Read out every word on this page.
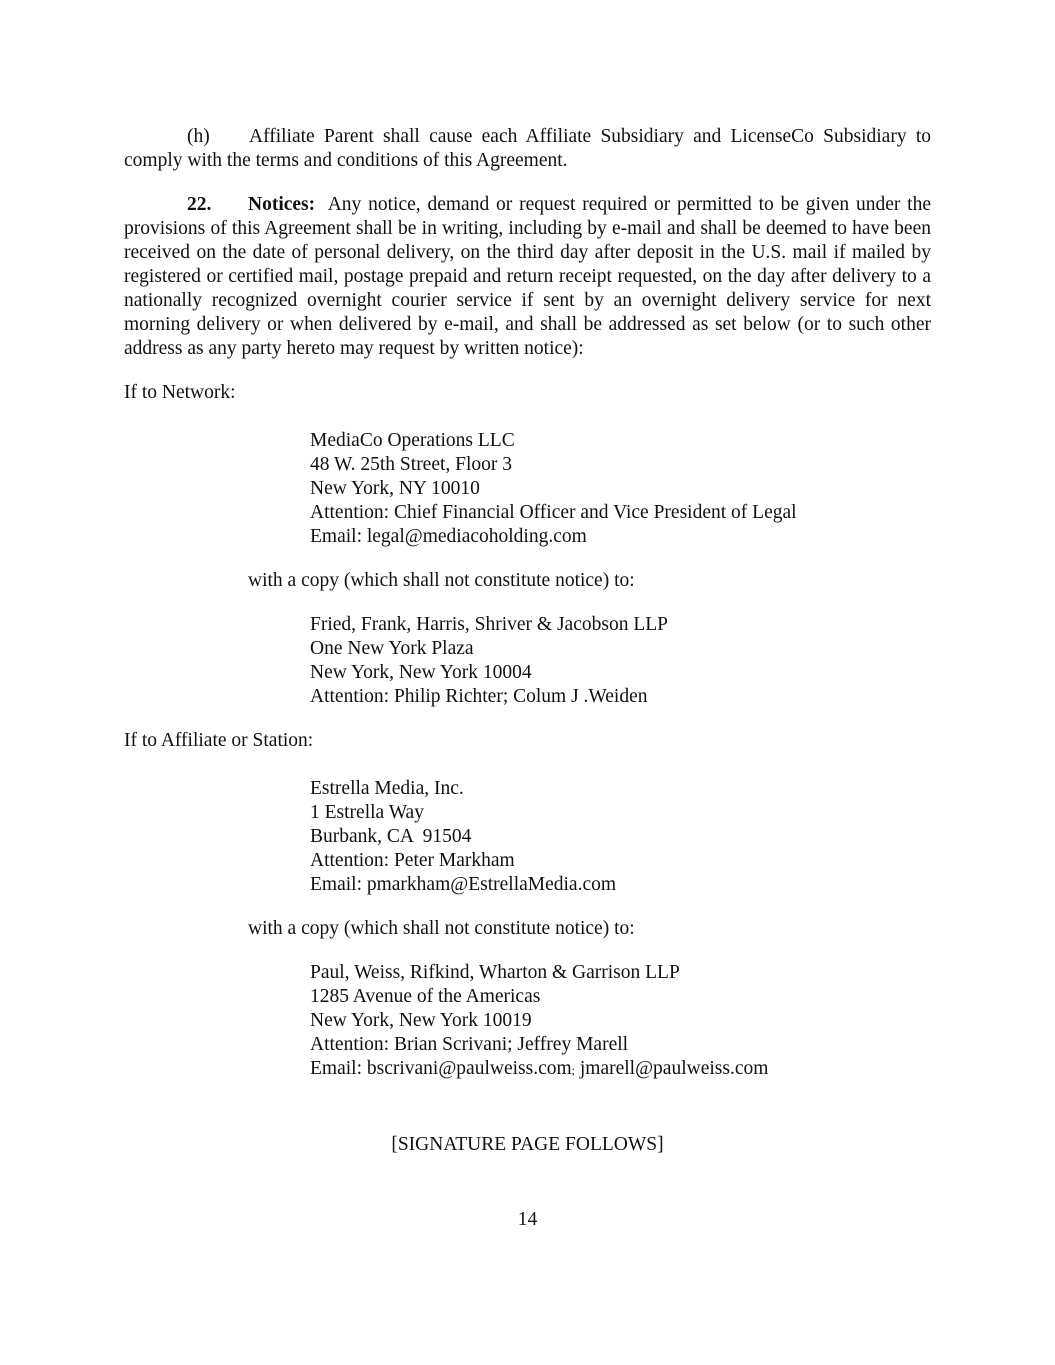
(h) Affiliate Parent shall cause each Affiliate Subsidiary and LicenseCo Subsidiary to comply with the terms and conditions of this Agreement.

22. Notices: Any notice, demand or request required or permitted to be given under the provisions of this Agreement shall be in writing, including by e-mail and shall be deemed to have been received on the date of personal delivery, on the third day after deposit in the U.S. mail if mailed by registered or certified mail, postage prepaid and return receipt requested, on the day after delivery to a nationally recognized overnight courier service if sent by an overnight delivery service for next morning delivery or when delivered by e-mail, and shall be addressed as set below (or to such other address as any party hereto may request by written notice):

If to Network:
MediaCo Operations LLC
48 W. 25th Street, Floor 3
New York, NY 10010
Attention: Chief Financial Officer and Vice President of Legal
Email: legal@mediacoholding.com
with a copy (which shall not constitute notice) to:
Fried, Frank, Harris, Shriver & Jacobson LLP
One New York Plaza
New York, New York 10004
Attention: Philip Richter; Colum J .Weiden
If to Affiliate or Station:
Estrella Media, Inc.
1 Estrella Way
Burbank, CA  91504
Attention: Peter Markham
Email: pmarkham@EstrellaMedia.com
with a copy (which shall not constitute notice) to:
Paul, Weiss, Rifkind, Wharton & Garrison LLP
1285 Avenue of the Americas
New York, New York 10019
Attention: Brian Scrivani; Jeffrey Marell
Email: bscrivani@paulweiss.com; jmarell@paulweiss.com
[SIGNATURE PAGE FOLLOWS]
14
